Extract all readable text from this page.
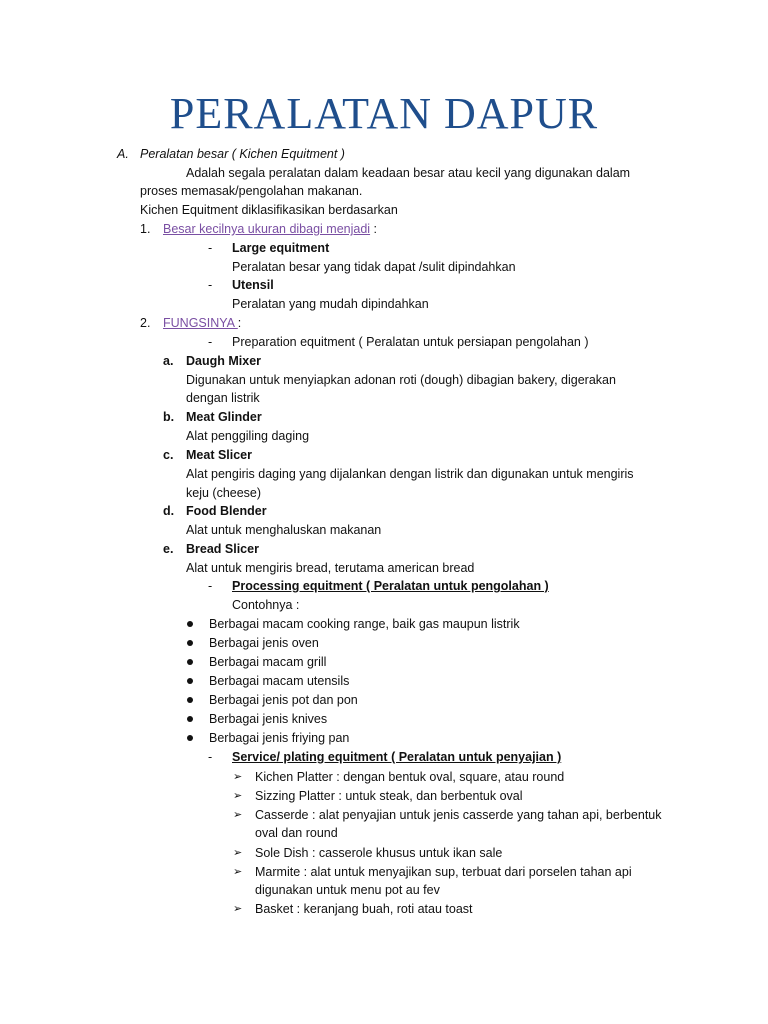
PERALATAN DAPUR
A. Peralatan besar ( Kichen Equitment )
Adalah segala peralatan dalam keadaan besar atau kecil yang digunakan dalam
proses memasak/pengolahan makanan.
Kichen Equitment diklasifikasikan berdasarkan
1. Besar kecilnya ukuran dibagi menjadi :
- Large equitment
Peralatan besar yang tidak dapat /sulit dipindahkan
- Utensil
Peralatan yang mudah dipindahkan
2. FUNGSINYA :
- Preparation equitment ( Peralatan untuk persiapan pengolahan )
a. Daugh Mixer
Digunakan untuk menyiapkan adonan roti (dough) dibagian bakery, digerakan
dengan listrik
b. Meat Glinder
Alat penggiling daging
c. Meat Slicer
Alat pengiris daging yang dijalankan dengan listrik dan digunakan untuk mengiris
keju (cheese)
d. Food Blender
Alat untuk menghaluskan makanan
e. Bread Slicer
Alat untuk mengiris bread, terutama american bread
- Processing equitment ( Peralatan untuk pengolahan )
Contohnya :
Berbagai macam cooking range, baik gas maupun listrik
Berbagai jenis oven
Berbagai macam grill
Berbagai macam utensils
Berbagai jenis pot dan pon
Berbagai jenis knives
Berbagai jenis friying pan
- Service/ plating equitment ( Peralatan untuk penyajian )
➢ Kichen Platter : dengan bentuk oval, square, atau round
➢ Sizzing Platter : untuk steak, dan berbentuk oval
➢ Casserde : alat penyajian untuk jenis casserde yang tahan api, berbentuk
oval dan round
➢ Sole Dish : casserole khusus untuk ikan sale
➢ Marmite : alat untuk menyajikan sup, terbuat dari porselen tahan api
digunakan untuk menu pot au fev
➢ Basket : keranjang buah, roti atau toast
